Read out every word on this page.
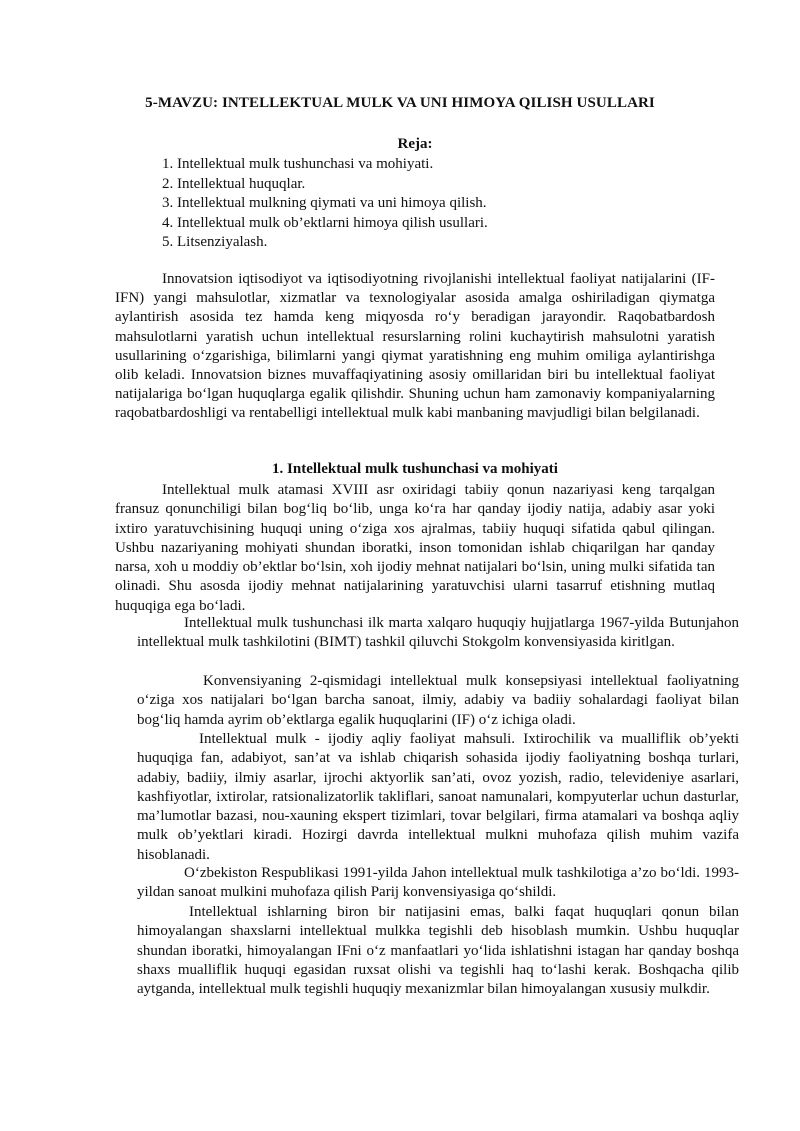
5-MAVZU: INTELLEKTUAL MULK VA UNI HIMOYA QILISH USULLARI
Reja:
1. Intellektual mulk tushunchasi va mohiyati.
2. Intellektual huquqlar.
3. Intellektual mulkning qiymati va uni himoya qilish.
4. Intellektual mulk ob’ektlarni himoya qilish usullari.
5. Litsenziyalash.

Innovatsion iqtisodiyot va iqtisodiyotning rivojlanishi intellektual faoliyat natijalarini (IF-IFN) yangi mahsulotlar, xizmatlar va texnologiyalar asosida amalga oshiriladigan qiymatga aylantirish asosida tez hamda keng miqyosda ro‘y beradigan jarayondir. Raqobatbardosh mahsulotlarni yaratish uchun intellektual resurslarning rolini kuchaytirish mahsulotni yaratish usullarining o‘zgarishiga, bilimlarni yangi qiymat yaratishning eng muhim omiliga aylantirishga olib keladi. Innovatsion biznes muvaffaqiyatining asosiy omillaridan biri bu intellektual faoliyat natijalariga bo‘lgan huquqlarga egalik qilishdir. Shuning uchun ham zamonaviy kompaniyalarning raqobatbardoshligi va rentabelligi intellektual mulk kabi manbaning mavjudligi bilan belgilanadi.

1. Intellektual mulk tushunchasi va mohiyati

Intellektual mulk atamasi XVIII asr oxiridagi tabiiy qonun nazariyasi keng tarqalgan fransuz qonunchiligi bilan bog‘liq bo‘lib, unga ko‘ra har qanday ijodiy natija, adabiy asar yoki ixtiro yaratuvchisining huquqi uning o‘ziga xos ajralmas, tabiiy huquqi sifatida qabul qilingan. Ushbu nazariyaning mohiyati shundan iboratki, inson tomonidan ishlab chiqarilgan har qanday narsa, xoh u moddiy ob’ektlar bo‘lsin, xoh ijodiy mehnat natijalari bo‘lsin, uning mulki sifatida tan olinadi. Shu asosda ijodiy mehnat natijalarining yaratuvchisi ularni tasarruf etishning mutlaq huquqiga ega bo‘ladi.

Intellektual mulk tushunchasi ilk marta xalqaro huquqiy hujjatlarga 1967-yilda Butunjahon intellektual mulk tashkilotini (BIMT) tashkil qiluvchi Stokgolm konvensiyasida kiritlgan.

Konvensiyaning 2-qismidagi intellektual mulk konsepsiyasi intellektual faoliyatning o‘ziga xos natijalari bo‘lgan barcha sanoat, ilmiy, adabiy va badiiy sohalardagi faoliyat bilan bog‘liq hamda ayrim ob’ektlarga egalik huquqlarini (IF) o‘z ichiga oladi.

Intellektual mulk - ijodiy aqliy faoliyat mahsuli. Ixtirochilik va mualliflik ob’yekti huquqiga fan, adabiyot, san’at va ishlab chiqarish sohasida ijodiy faoliyatning boshqa turlari, adabiy, badiiy, ilmiy asarlar, ijrochi aktyorlik san’ati, ovoz yozish, radio, televideniye asarlari, kashfiyotlar, ixtirolar, ratsionalizatorlik takliflari, sanoat namunalari, kompyuterlar uchun dasturlar, ma’lumotlar bazasi, nou-xauning ekspert tizimlari, tovar belgilari, firma atamalari va boshqa aqliy mulk ob’yektlari kiradi. Hozirgi davrda intellektual mulkni muhofaza qilish muhim vazifa hisoblanadi.

O‘zbekiston Respublikasi 1991-yilda Jahon intellektual mulk tashkilotiga a’zo bo‘ldi. 1993-yildan sanoat mulkini muhofaza qilish Parij konvensiyasiga qo‘shildi.

Intellektual ishlarning biron bir natijasini emas, balki faqat huquqlari qonun bilan himoyalangan shaxslarni intellektual mulkka tegishli deb hisoblash mumkin. Ushbu huquqlar shundan iboratki, himoyalangan IFni o‘z manfaatlari yo‘lida ishlatishni istagan har qanday boshqa shaxs mualliflik huquqi egasidan ruxsat olishi va tegishli haq to‘lashi kerak. Boshqacha qilib aytganda, intellektual mulk tegishli huquqiy mexanizmlar bilan himoyalangan xususiy mulkdir.
